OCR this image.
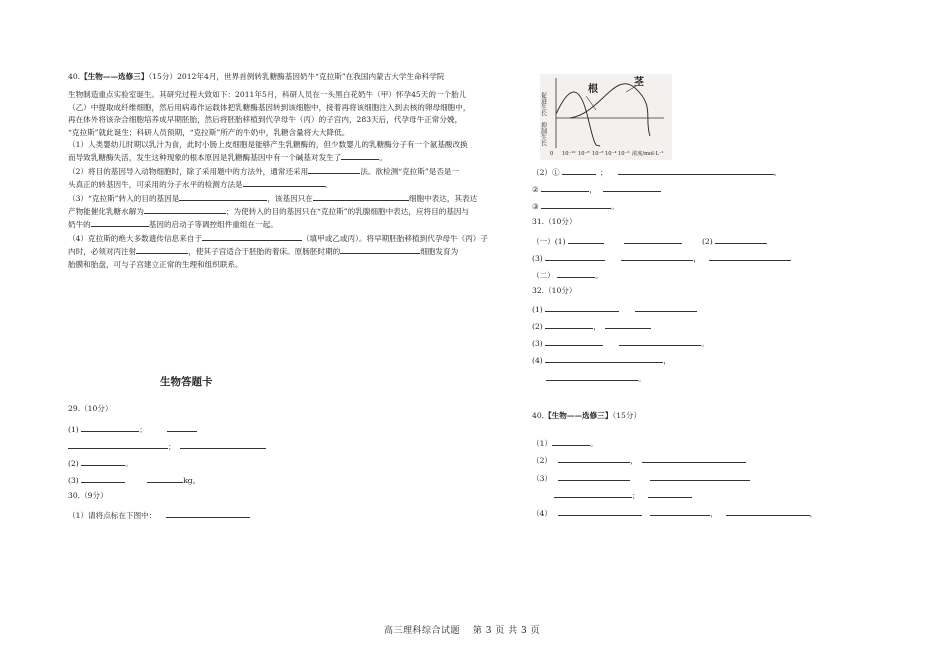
40.【生物——选修三】（15分）2012年4月，世界首例转乳糖酶基因奶牛“克拉斯”在我国内蒙古大学生命科学院
生物制造重点实验室诞生。其研究过程大致如下：2011年5月，科研人员在一头黑白花奶牛（甲）怀孕45天的一个胎儿
（乙）中提取成纤维细胞，然后用病毒作运载体把乳糖酶基因转到该细胞中，接着再将该细胞注入到去核的卵母细胞中，
再在体外将该杂合细胞培养成早期胚胎，然后将胚胎移植到代孕母牛（丙）的子宫内，283天后，代孕母牛正常分娩，
“克拉斯”就此诞生；科研人员预期，“克拉斯”所产的牛奶中，乳糖含量将大大降低。
（1）人类婴幼儿时期以乳汁为食，此时小肠上皮细胞是能够产生乳糖酶的，但少数婴儿的乳糖酶分子有一个氨基酸改换
而导致乳糖酶失活，发生这种现象的根本原因是乳糖酶基因中有一个碱基对发生了	。
（2）将目的基因导入动物细胞时，除了采用题中的方法外，通常还采用	法。欲检测“克拉斯”是否是一
头真正的转基因牛，可采用的分子水平的检测方法是	。
（3）“克拉斯”转入的目的基因是	，该基因只在	细胞中表达，其表达
产物能催化乳糖水解为	；为使转入的目的基因只在“克拉斯”的乳腺细胞中表达，应将目的基因与
奶牛的	基因的启动子等调控组件重组在一起。
（4）克拉斯的绝大多数遗传信息来自于	（填甲或乙或丙）。将早期胚胎移植到代孕母牛（丙）子
内时，必须对丙注射	，使其子宫适合于胚胎的着床。原肠胚时期的	细胞发育为
胎膜和胎盘，可与子宫建立正常的生理和组织联系。
促进生长
抑制生长
根
茎
0 10⁻¹⁰ 10⁻⁸ 10⁻⁶ 10⁻⁴ 10⁻² 浓度/mol·L⁻¹
生物答题卡
29.（10分）
(1)	；
；
(2)	。
(3)	kg。
30.（9分）
（1）请将点标在下图中：
（2）①	；	。
②	，
③	。
31.（10分）
（一）(1)	(2)
(3)	，
（二）	。
32.（10分）
(1)
(2)	，
(3)	。
(4)	，
。
40.【生物——选修三】（15分）
（1）	。
（2）	，
（3）
；
（4）	，	，
高三理科综合试题　 第 3 页 共 3 页
